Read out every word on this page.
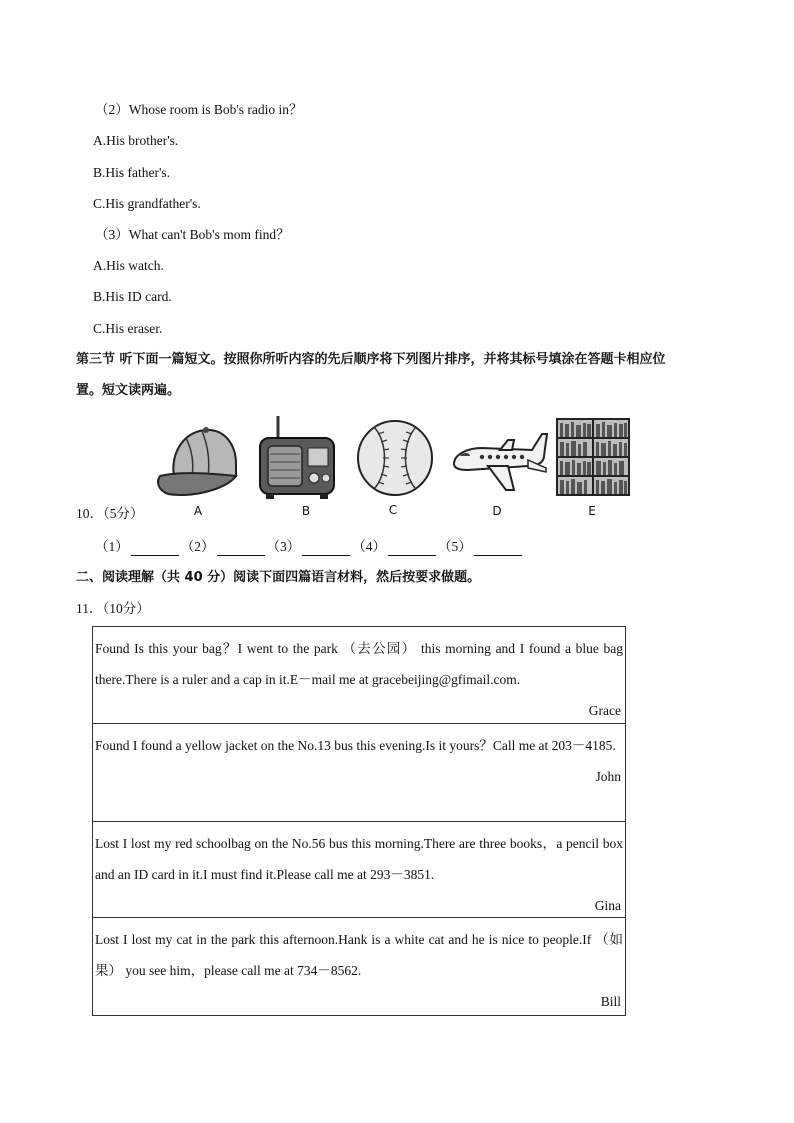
（2）Whose room is Bob's radio in？
A.His brother's.
B.His father's.
C.His grandfather's.
（3）What can't Bob's mom find？
A.His watch.
B.His ID card.
C.His eraser.
第三节 听下面一篇短文。按照你所听内容的先后顺序将下列图片排序，并将其标号填涂在答题卡相应位
置。短文读两遍。
A	B	C	D	E
10．（5分）
（1）	（2）	（3）	（4）	（5）
二、阅读理解（共 40 分）阅读下面四篇语言材料，然后按要求做题。
11．（10分）
Found Is this your bag？I went to the park （去公园） this morning and I found a blue bag there.There is a ruler and a cap in it.E－mail me at gracebeijing@gfimail.com.
Grace

Found I found a yellow jacket on the No.13 bus this evening.Is it yours？Call me at 203－4185.
John

Lost I lost my red schoolbag on the No.56 bus this morning.There are three books，a pencil box and an ID card in it.I must find it.Please call me at 293－3851.
Gina

Lost I lost my cat in the park this afternoon.Hank is a white cat and he is nice to people.If （如果） you see him，please call me at 734－8562.
Bill
